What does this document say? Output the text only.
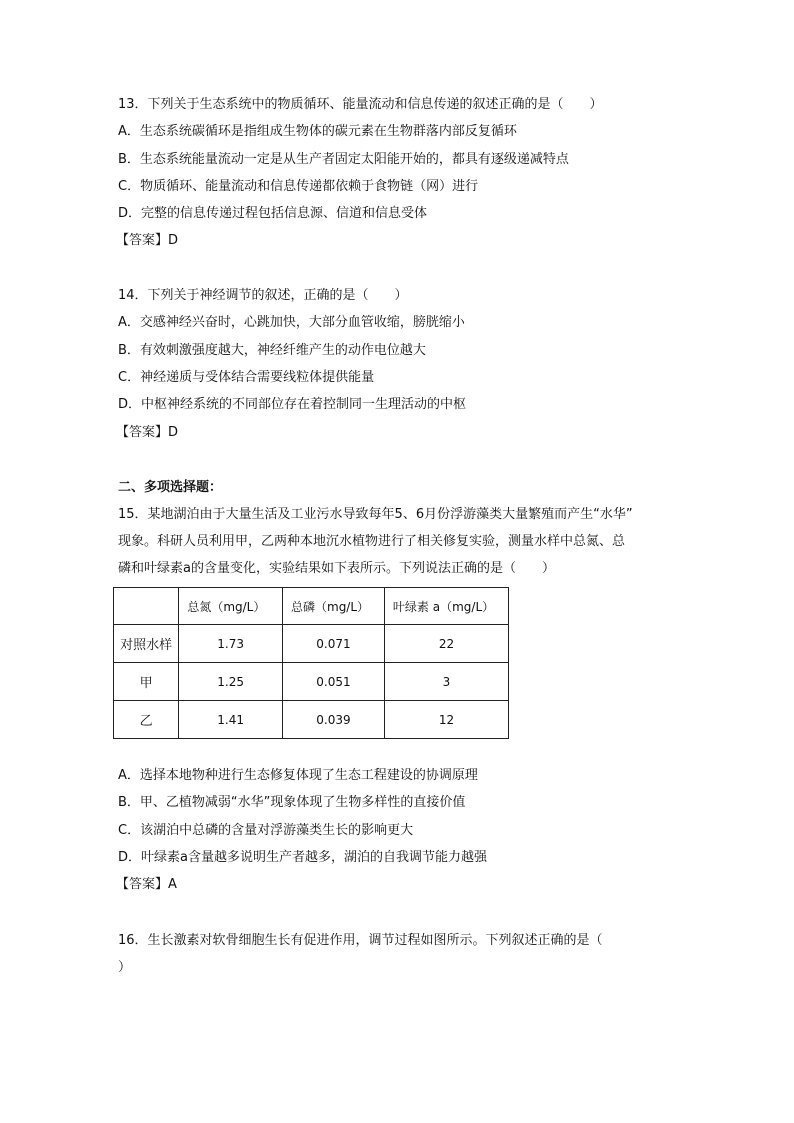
13．下列关于生态系统中的物质循环、能量流动和信息传递的叙述正确的是（　　）
A．生态系统碳循环是指组成生物体的碳元素在生物群落内部反复循环
B．生态系统能量流动一定是从生产者固定太阳能开始的，都具有逐级递减特点
C．物质循环、能量流动和信息传递都依赖于食物链（网）进行
D．完整的信息传递过程包括信息源、信道和信息受体
【答案】D
14．下列关于神经调节的叙述，正确的是（　　）
A．交感神经兴奋时，心跳加快，大部分血管收缩，膀胱缩小
B．有效刺激强度越大，神经纤维产生的动作电位越大
C．神经递质与受体结合需要线粒体提供能量
D．中枢神经系统的不同部位存在着控制同一生理活动的中枢
【答案】D
二、多项选择题：
15．某地湖泊由于大量生活及工业污水导致每年5、6月份浮游藻类大量繁殖而产生“水华”
现象。科研人员利用甲，乙两种本地沉水植物进行了相关修复实验，测量水样中总氮、总
磷和叶绿素a的含量变化，实验结果如下表所示。下列说法正确的是（　　）
	总氮（mg/L）	总磷（mg/L）	叶绿素 a（mg/L）
对照水样	1.73	0.071	22
甲	1.25	0.051	3
乙	1.41	0.039	12
A．选择本地物种进行生态修复体现了生态工程建设的协调原理
B．甲、乙植物减弱“水华”现象体现了生物多样性的直接价值
C．该湖泊中总磷的含量对浮游藻类生长的影响更大
D．叶绿素a含量越多说明生产者越多，湖泊的自我调节能力越强
【答案】A
16．生长激素对软骨细胞生长有促进作用，调节过程如图所示。下列叙述正确的是（
）
